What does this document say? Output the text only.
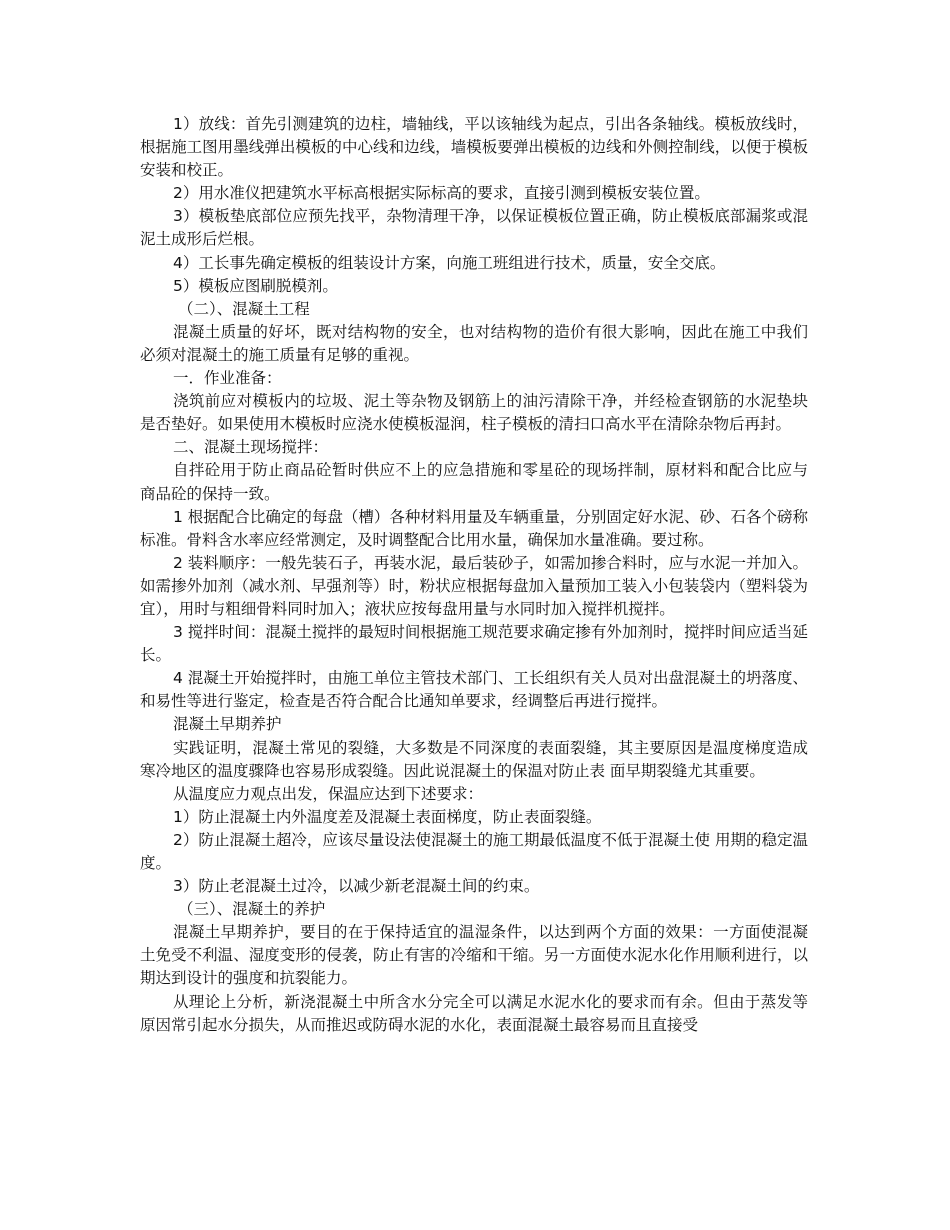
1）放线：首先引测建筑的边柱，墙轴线，平以该轴线为起点，引出各条轴线。模板放线时，根据施工图用墨线弹出模板的中心线和边线，墙模板要弹出模板的边线和外侧控制线，以便于模板安装和校正。

2）用水准仪把建筑水平标高根据实际标高的要求，直接引测到模板安装位置。

3）模板垫底部位应预先找平，杂物清理干净，以保证模板位置正确，防止模板底部漏浆或混泥土成形后烂根。

4）工长事先确定模板的组装设计方案，向施工班组进行技术，质量，安全交底。

5）模板应图刷脱模剂。

（二）、混凝土工程

混凝土质量的好坏，既对结构物的安全，也对结构物的造价有很大影响，因此在施工中我们必须对混凝土的施工质量有足够的重视。

一．作业准备：

浇筑前应对模板内的垃圾、泥土等杂物及钢筋上的油污清除干净，并经检查钢筋的水泥垫块是否垫好。如果使用木模板时应浇水使模板湿润，柱子模板的清扫口高水平在清除杂物后再封。

二、混凝土现场搅拌：

自拌砼用于防止商品砼暂时供应不上的应急措施和零星砼的现场拌制，原材料和配合比应与商品砼的保持一致。

1 根据配合比确定的每盘（槽）各种材料用量及车辆重量，分别固定好水泥、砂、石各个磅称标准。骨料含水率应经常测定，及时调整配合比用水量，确保加水量准确。要过称。

2 装料顺序：一般先装石子，再装水泥，最后装砂子，如需加掺合料时，应与水泥一并加入。如需掺外加剂（减水剂、早强剂等）时，粉状应根据每盘加入量预加工装入小包装袋内（塑料袋为宜），用时与粗细骨料同时加入；液状应按每盘用量与水同时加入搅拌机搅拌。

3 搅拌时间：混凝土搅拌的最短时间根据施工规范要求确定掺有外加剂时，搅拌时间应适当延长。

4 混凝土开始搅拌时，由施工单位主管技术部门、工长组织有关人员对出盘混凝土的坍落度、和易性等进行鉴定，检查是否符合配合比通知单要求，经调整后再进行搅拌。

混凝土早期养护

实践证明，混凝土常见的裂缝，大多数是不同深度的表面裂缝，其主要原因是温度梯度造成寒冷地区的温度骤降也容易形成裂缝。因此说混凝土的保温对防止表 面早期裂缝尤其重要。

从温度应力观点出发，保温应达到下述要求：

1）防止混凝土内外温度差及混凝土表面梯度，防止表面裂缝。

2）防止混凝土超冷，应该尽量设法使混凝土的施工期最低温度不低于混凝土使 用期的稳定温度。

3）防止老混凝土过冷，以减少新老混凝土间的约束。

（三）、混凝土的养护

混凝土早期养护，要目的在于保持适宜的温湿条件，以达到两个方面的效果：一方面使混凝土免受不利温、湿度变形的侵袭，防止有害的冷缩和干缩。另一方面使水泥水化作用顺利进行，以期达到设计的强度和抗裂能力。

从理论上分析，新浇混凝土中所含水分完全可以满足水泥水化的要求而有余。但由于蒸发等原因常引起水分损失，从而推迟或防碍水泥的水化，表面混凝土最容易而且直接受
